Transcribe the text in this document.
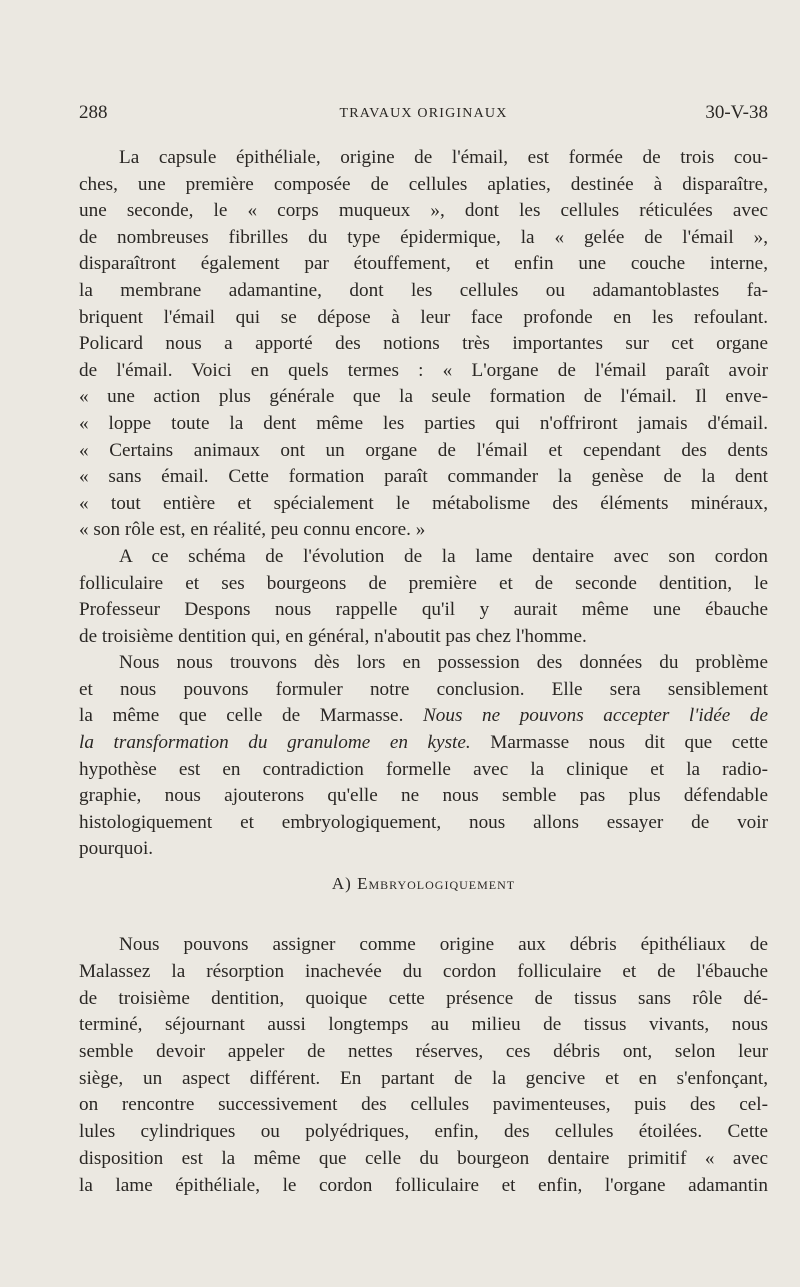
288	TRAVAUX ORIGINAUX	30-V-38

La capsule épithéliale, origine de l'émail, est formée de trois cou-
ches, une première composée de cellules aplaties, destinée à disparaître,
une seconde, le « corps muqueux », dont les cellules réticulées avec
de nombreuses fibrilles du type épidermique, la « gelée de l'émail »,
disparaîtront également par étouffement, et enfin une couche interne,
la membrane adamantine, dont les cellules ou adamantoblastes fa-
briquent l'émail qui se dépose à leur face profonde en les refoulant.
Policard nous a apporté des notions très importantes sur cet organe
de l'émail. Voici en quels termes : « L'organe de l'émail paraît avoir
« une action plus générale que la seule formation de l'émail. Il enve-
« loppe toute la dent même les parties qui n'offriront jamais d'émail.
« Certains animaux ont un organe de l'émail et cependant des dents
« sans émail. Cette formation paraît commander la genèse de la dent
« tout entière et spécialement le métabolisme des éléments minéraux,
« son rôle est, en réalité, peu connu encore. »

A ce schéma de l'évolution de la lame dentaire avec son cordon
folliculaire et ses bourgeons de première et de seconde dentition, le
Professeur Despons nous rappelle qu'il y aurait même une ébauche
de troisième dentition qui, en général, n'aboutit pas chez l'homme.

Nous nous trouvons dès lors en possession des données du problème
et nous pouvons formuler notre conclusion. Elle sera sensiblement
la même que celle de Marmasse. Nous ne pouvons accepter l'idée de
la transformation du granulome en kyste. Marmasse nous dit que cette
hypothèse est en contradiction formelle avec la clinique et la radio-
graphie, nous ajouterons qu'elle ne nous semble pas plus défendable
histologiquement et embryologiquement, nous allons essayer de voir
pourquoi.

A) Embryologiquement

Nous pouvons assigner comme origine aux débris épithéliaux de
Malassez la résorption inachevée du cordon folliculaire et de l'ébauche
de troisième dentition, quoique cette présence de tissus sans rôle dé-
terminé, séjournant aussi longtemps au milieu de tissus vivants, nous
semble devoir appeler de nettes réserves, ces débris ont, selon leur
siège, un aspect différent. En partant de la gencive et en s'enfonçant,
on rencontre successivement des cellules pavimenteuses, puis des cel-
lules cylindriques ou polyédriques, enfin, des cellules étoilées. Cette
disposition est la même que celle du bourgeon dentaire primitif « avec
la lame épithéliale, le cordon folliculaire et enfin, l'organe adamantin
